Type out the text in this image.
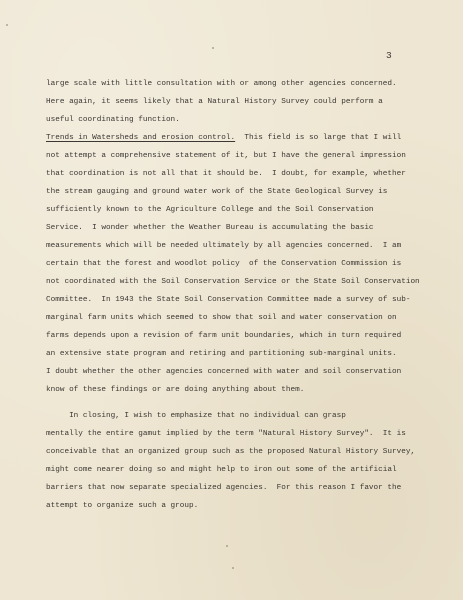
3
large scale with little consultation with or among other agencies concerned.
Here again, it seems likely that a Natural History Survey could perform a
useful coordinating function.
Trends in Watersheds and erosion control. This field is so large that I will
not attempt a comprehensive statement of it, but I have the general impression
that coordination is not all that it should be.  I doubt, for example, whether
the stream gauging and ground water work of the State Geological Survey is
sufficiently known to the Agriculture College and the Soil Conservation
Service.  I wonder whether the Weather Bureau is accumulating the basic
measurements which will be needed ultimately by all agencies concerned.  I am
certain that the forest and woodlot policy  of the Conservation Commission is
not coordinated with the Soil Conservation Service or the State Soil Conservation
Committee.  In 1943 the State Soil Conservation Committee made a survey of sub-
marginal farm units which seemed to show that soil and water conservation on
farms depends upon a revision of farm unit boundaries, which in turn required
an extensive state program and retiring and partitioning sub-marginal units.
I doubt whether the other agencies concerned with water and soil conservation
know of these findings or are doing anything about them.
In closing, I wish to emphasize that no individual can grasp
mentally the entire gamut implied by the term "Natural History Survey".  It is
conceivable that an organized group such as the proposed Natural History Survey,
might come nearer doing so and might help to iron out some of the artificial
barriers that now separate specialized agencies.  For this reason I favor the
attempt to organize such a group.
